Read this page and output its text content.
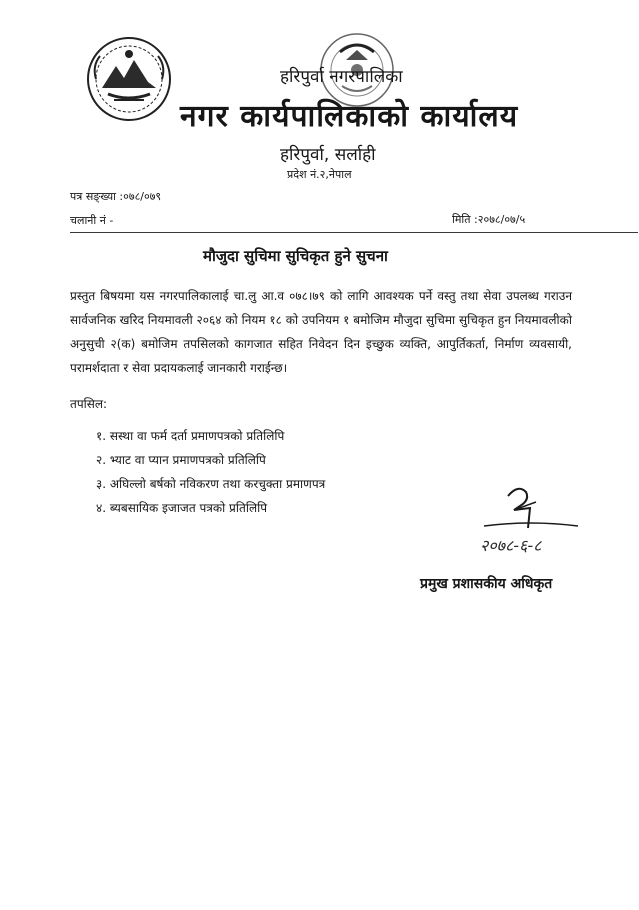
हरिपुर्वा नगरपालिका
नगर कार्यपालिकाको कार्यालय
हरिपुर्वा, सर्लाही
प्रदेश नं.२,नेपाल
पत्र सङ्ख्या :०७८/०७९
चलानी नं -	मिति :२०७८/०७/५
मौजुदा सुचिमा सुचिकृत हुने सुचना
प्रस्तुत बिषयमा यस नगरपालिकालाई चा.लु आ.व ०७८।७९ को लागि आवश्यक पर्ने वस्तु तथा सेवा उपलब्ध गराउन सार्वजनिक खरिद नियमावली २०६४ को नियम १८ को उपनियम १ बमोजिम मौजुदा सुचिमा सुचिकृत हुन नियमावलीको अनुसुची २(क) बमोजिम तपसिलको कागजात सहित निवेदन दिन इच्छुक व्यक्ति, आपुर्तिकर्ता, निर्माण व्यवसायी, परामर्शदाता र सेवा प्रदायकलाई जानकारी गराईन्छ।
तपसिल:
१. सस्था वा फर्म दर्ता प्रमाणपत्रको प्रतिलिपि
२. भ्याट वा प्यान प्रमाणपत्रको प्रतिलिपि
३. अघिल्लो बर्षको नविकरण तथा करचुक्ता प्रमाणपत्र
४. ब्यबसायिक इजाजत पत्रको प्रतिलिपि
२०७८-६-८
प्रमुख प्रशासकीय अधिकृत
